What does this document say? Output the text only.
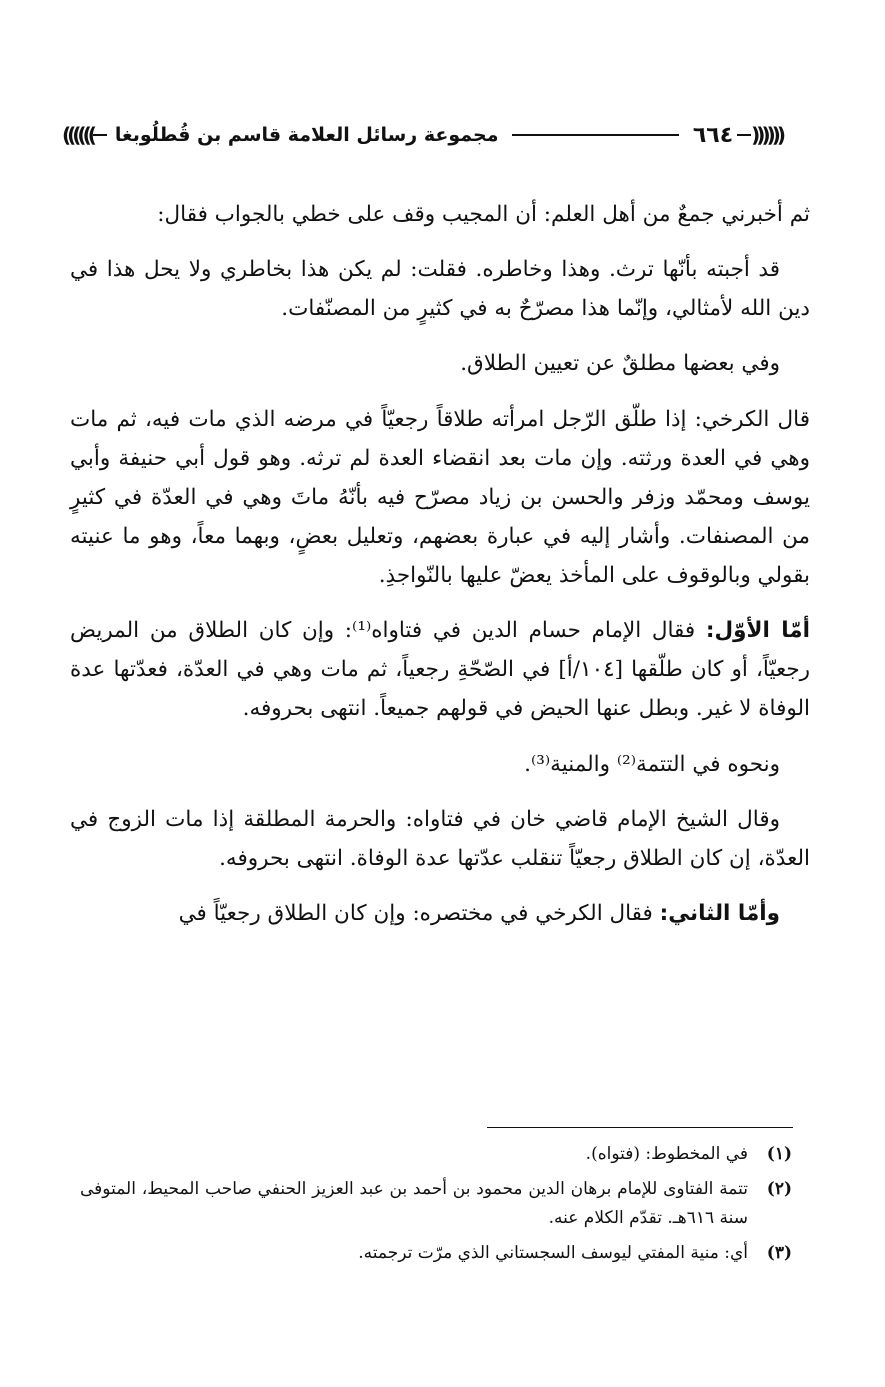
(((((( مجموعة رسائل العلامة قاسم بن قُطلُوبغا	٦٦٤ ))))))

ثم أخبرني جمعٌ من أهل العلم: أن المجيب وقف على خطي بالجواب فقال:

قد أجبته بأنّها ترث. وهذا وخاطره. فقلت: لم يكن هذا بخاطري ولا يحل هذا في دين الله لأمثالي، وإنّما هذا مصرّحٌ به في كثيرٍ من المصنّفات.

وفي بعضها مطلقٌ عن تعيين الطلاق.

قال الكرخي: إذا طلّق الرّجل امرأته طلاقاً رجعيّاً في مرضه الذي مات فيه، ثم مات وهي في العدة ورثته. وإن مات بعد انقضاء العدة لم ترثه. وهو قول أبي حنيفة وأبي يوسف ومحمّد وزفر والحسن بن زياد مصرّح فيه بأنّهُ ماتَ وهي في العدّة في كثيرٍ من المصنفات. وأشار إليه في عبارة بعضهم، وتعليل بعضٍ، وبهما معاً، وهو ما عنيته بقولي وبالوقوف على المأخذ يعضّ عليها بالنّواجذِ.

أمّا الأوّل: فقال الإمام حسام الدين في فتاواه⁽¹⁾: وإن كان الطلاق من المريض رجعيّاً، أو كان طلّقها [١٠٤/أ] في الصّحّةِ رجعياً، ثم مات وهي في العدّة، فعدّتها عدة الوفاة لا غير. وبطل عنها الحيض في قولهم جميعاً. انتهى بحروفه.

ونحوه في التتمة⁽²⁾ والمنية⁽³⁾.

وقال الشيخ الإمام قاضي خان في فتاواه: والحرمة المطلقة إذا مات الزوج في العدّة، إن كان الطلاق رجعيّاً تنقلب عدّتها عدة الوفاة. انتهى بحروفه.

وأمّا الثاني: فقال الكرخي في مختصره: وإن كان الطلاق رجعيّاً في

(١)
في المخطوط: (فتواه).
(٢)
تتمة الفتاوى للإمام برهان الدين محمود بن أحمد بن عبد العزيز الحنفي صاحب المحيط، المتوفى سنة ٦١٦هـ. تقدّم الكلام عنه.
(٣)
أي: منية المفتي ليوسف السجستاني الذي مرّت ترجمته.
